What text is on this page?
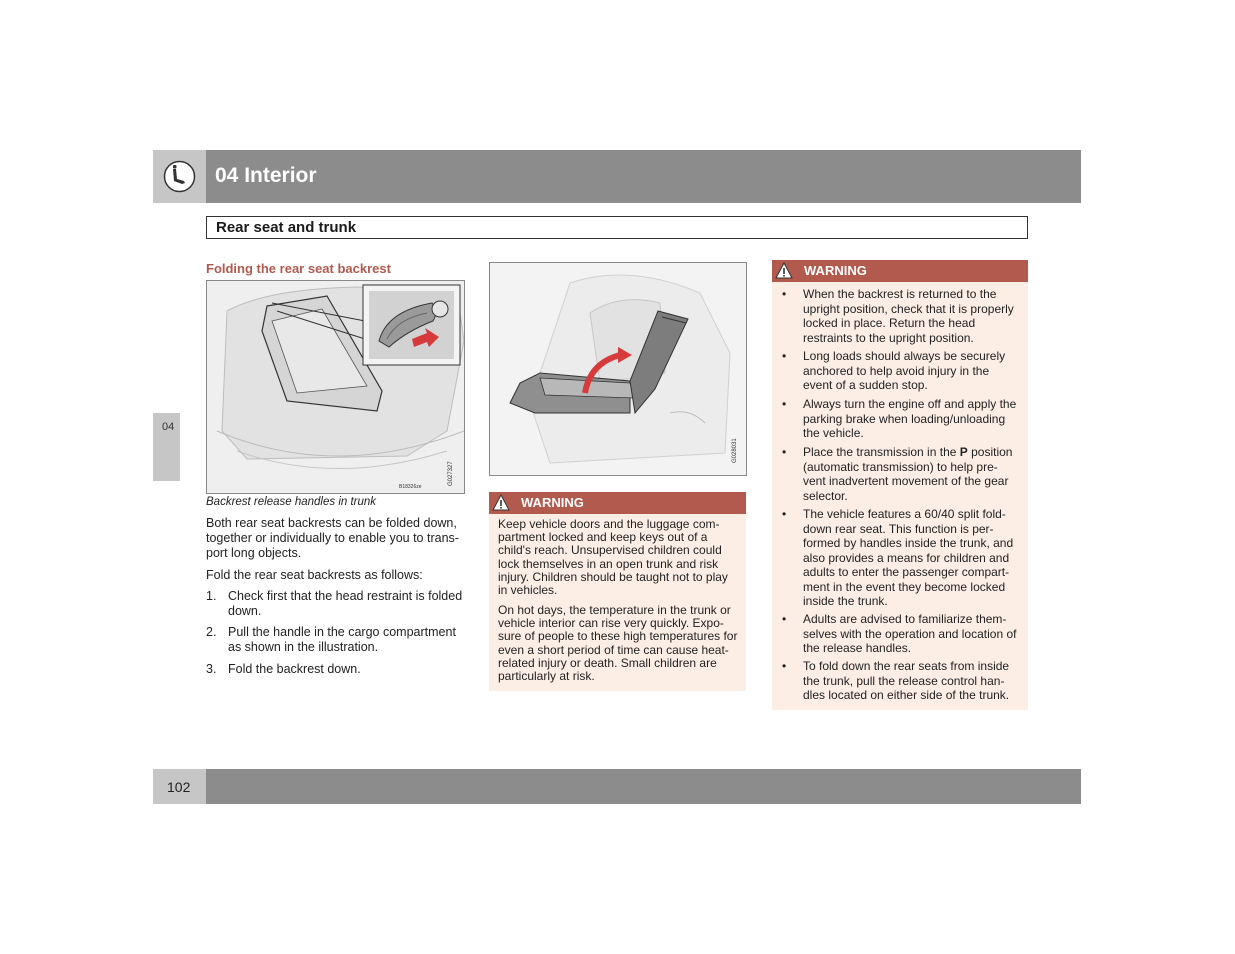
04 Interior
Rear seat and trunk
04
Folding the rear seat backrest
B18326ze
G027327
Backrest release handles in trunk
Both rear seat backrests can be folded down, together or individually to enable you to trans- port long objects.
Fold the rear seat backrests as follows:
1. Check first that the head restraint is folded down.
2. Pull the handle in the cargo compartment as shown in the illustration.
3. Fold the backrest down.
G028031
WARNING
Keep vehicle doors and the luggage com- partment locked and keep keys out of a child's reach. Unsupervised children could lock themselves in an open trunk and risk injury. Children should be taught not to play in vehicles.
On hot days, the temperature in the trunk or vehicle interior can rise very quickly. Expo- sure of people to these high temperatures for even a short period of time can cause heat-related injury or death. Small children are particularly at risk.
WARNING
• When the backrest is returned to the upright position, check that it is properly locked in place. Return the head restraints to the upright position.
• Long loads should always be securely anchored to help avoid injury in the event of a sudden stop.
• Always turn the engine off and apply the parking brake when loading/unloading the vehicle.
• Place the transmission in the P position (automatic transmission) to help pre- vent inadvertent movement of the gear selector.
• The vehicle features a 60/40 split fold- down rear seat. This function is per- formed by handles inside the trunk, and also provides a means for children and adults to enter the passenger compart- ment in the event they become locked inside the trunk.
• Adults are advised to familiarize them- selves with the operation and location of the release handles.
• To fold down the rear seats from inside the trunk, pull the release control han- dles located on either side of the trunk.
102
